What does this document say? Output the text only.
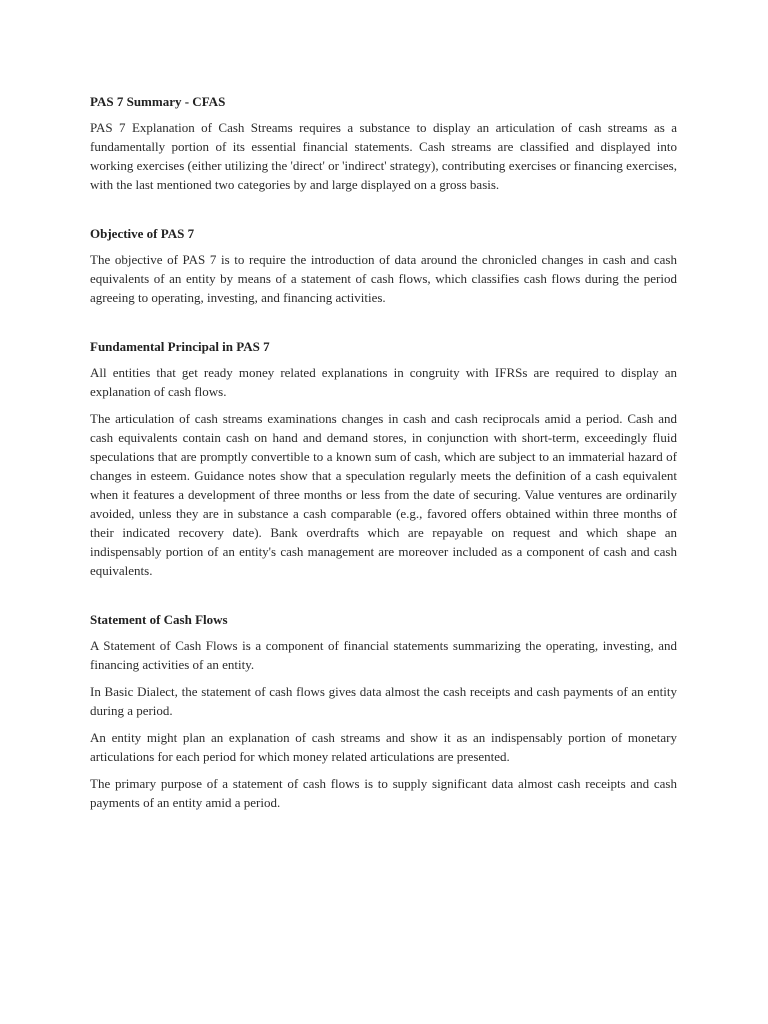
PAS 7 Summary - CFAS

PAS 7 Explanation of Cash Streams requires a substance to display an articulation of cash streams as a fundamentally portion of its essential financial statements. Cash streams are classified and displayed into working exercises (either utilizing the 'direct' or 'indirect' strategy), contributing exercises or financing exercises, with the last mentioned two categories by and large displayed on a gross basis.

Objective of PAS 7

The objective of PAS 7 is to require the introduction of data around the chronicled changes in cash and cash equivalents of an entity by means of a statement of cash flows, which classifies cash flows during the period agreeing to operating, investing, and financing activities.

Fundamental Principal in PAS 7

All entities that get ready money related explanations in congruity with IFRSs are required to display an explanation of cash flows.

The articulation of cash streams examinations changes in cash and cash reciprocals amid a period. Cash and cash equivalents contain cash on hand and demand stores, in conjunction with short-term, exceedingly fluid speculations that are promptly convertible to a known sum of cash, which are subject to an immaterial hazard of changes in esteem. Guidance notes show that a speculation regularly meets the definition of a cash equivalent when it features a development of three months or less from the date of securing. Value ventures are ordinarily avoided, unless they are in substance a cash comparable (e.g., favored offers obtained within three months of their indicated recovery date). Bank overdrafts which are repayable on request and which shape an indispensably portion of an entity's cash management are moreover included as a component of cash and cash equivalents.

Statement of Cash Flows

A Statement of Cash Flows is a component of financial statements summarizing the operating, investing, and financing activities of an entity.

In Basic Dialect, the statement of cash flows gives data almost the cash receipts and cash payments of an entity during a period.

An entity might plan an explanation of cash streams and show it as an indispensably portion of monetary articulations for each period for which money related articulations are presented.

The primary purpose of a statement of cash flows is to supply significant data almost cash receipts and cash payments of an entity amid a period.
